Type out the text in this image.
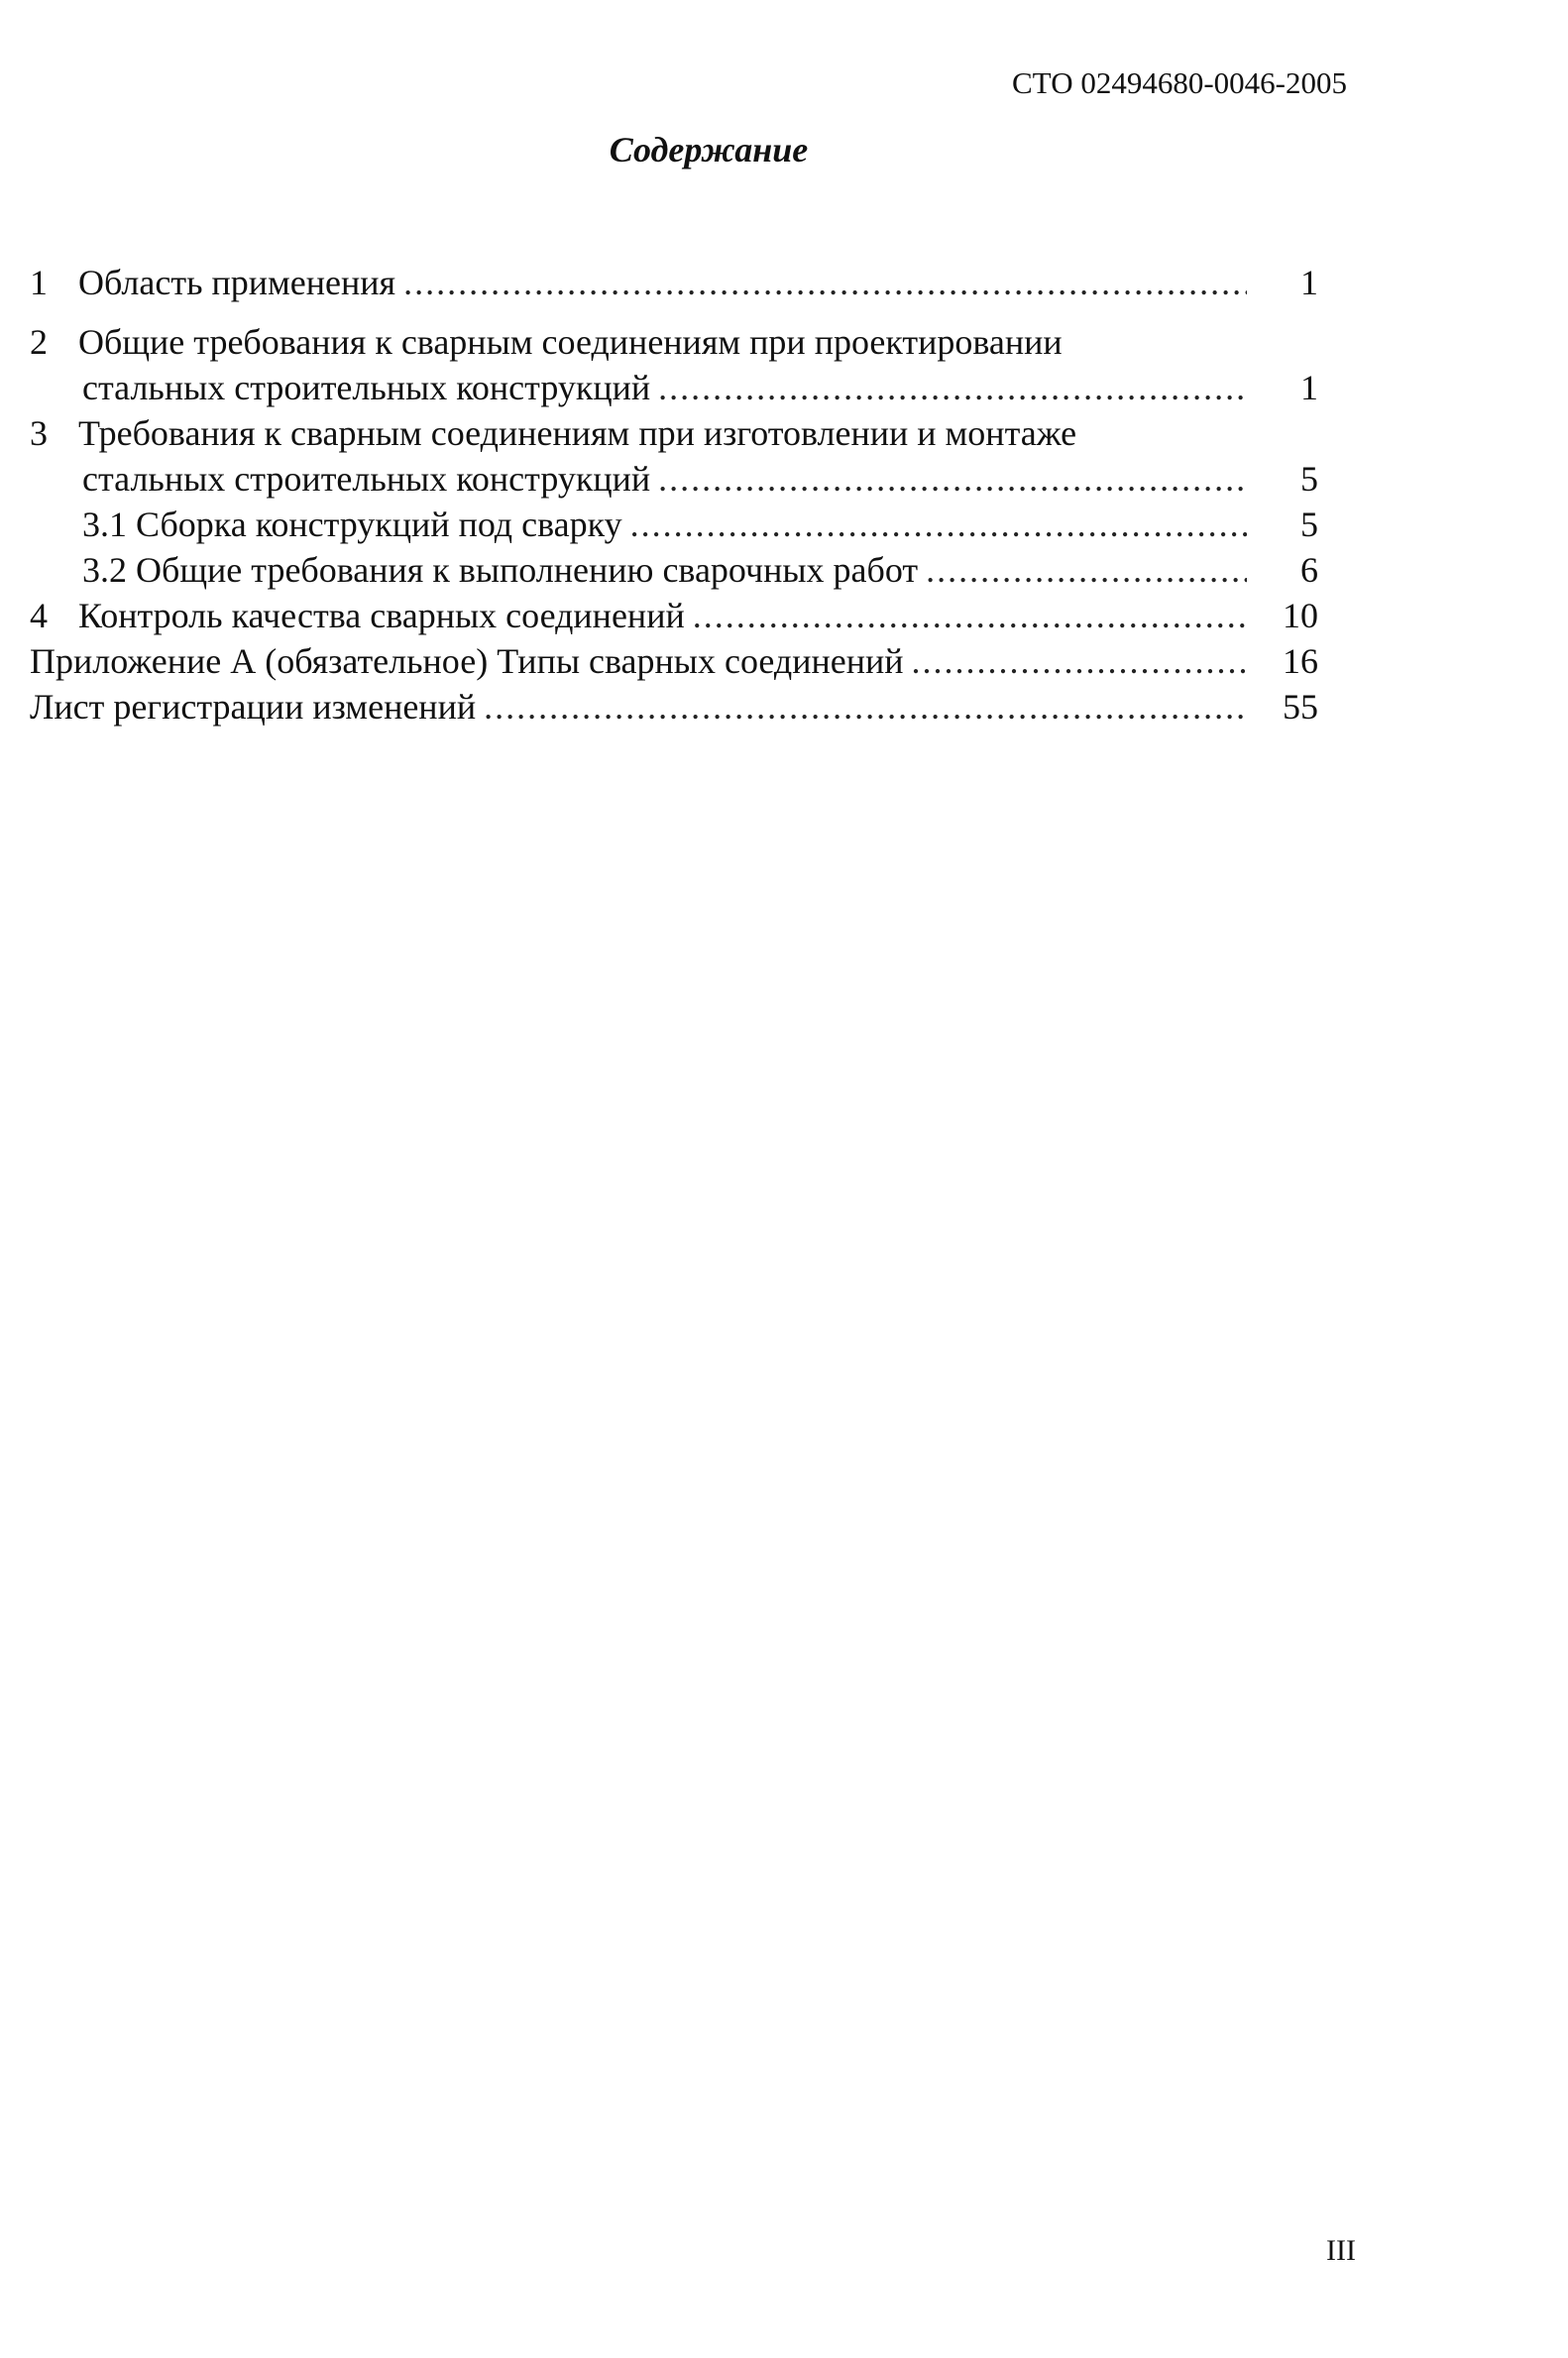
СТО 02494680-0046-2005
Содержание
1 Область применения .....	1
2 Общие требования к сварным соединениям при проектировании
стальных строительных конструкций .....	1
3 Требования к сварным соединениям при изготовлении и монтаже
стальных строительных конструкций .....	5
3.1 Сборка конструкций под сварку .....	5
3.2 Общие требования к выполнению сварочных работ .....	6
4 Контроль качества сварных соединений .....	10
Приложение А (обязательное) Типы сварных соединений .....	16
Лист регистрации изменений .....	55
III
